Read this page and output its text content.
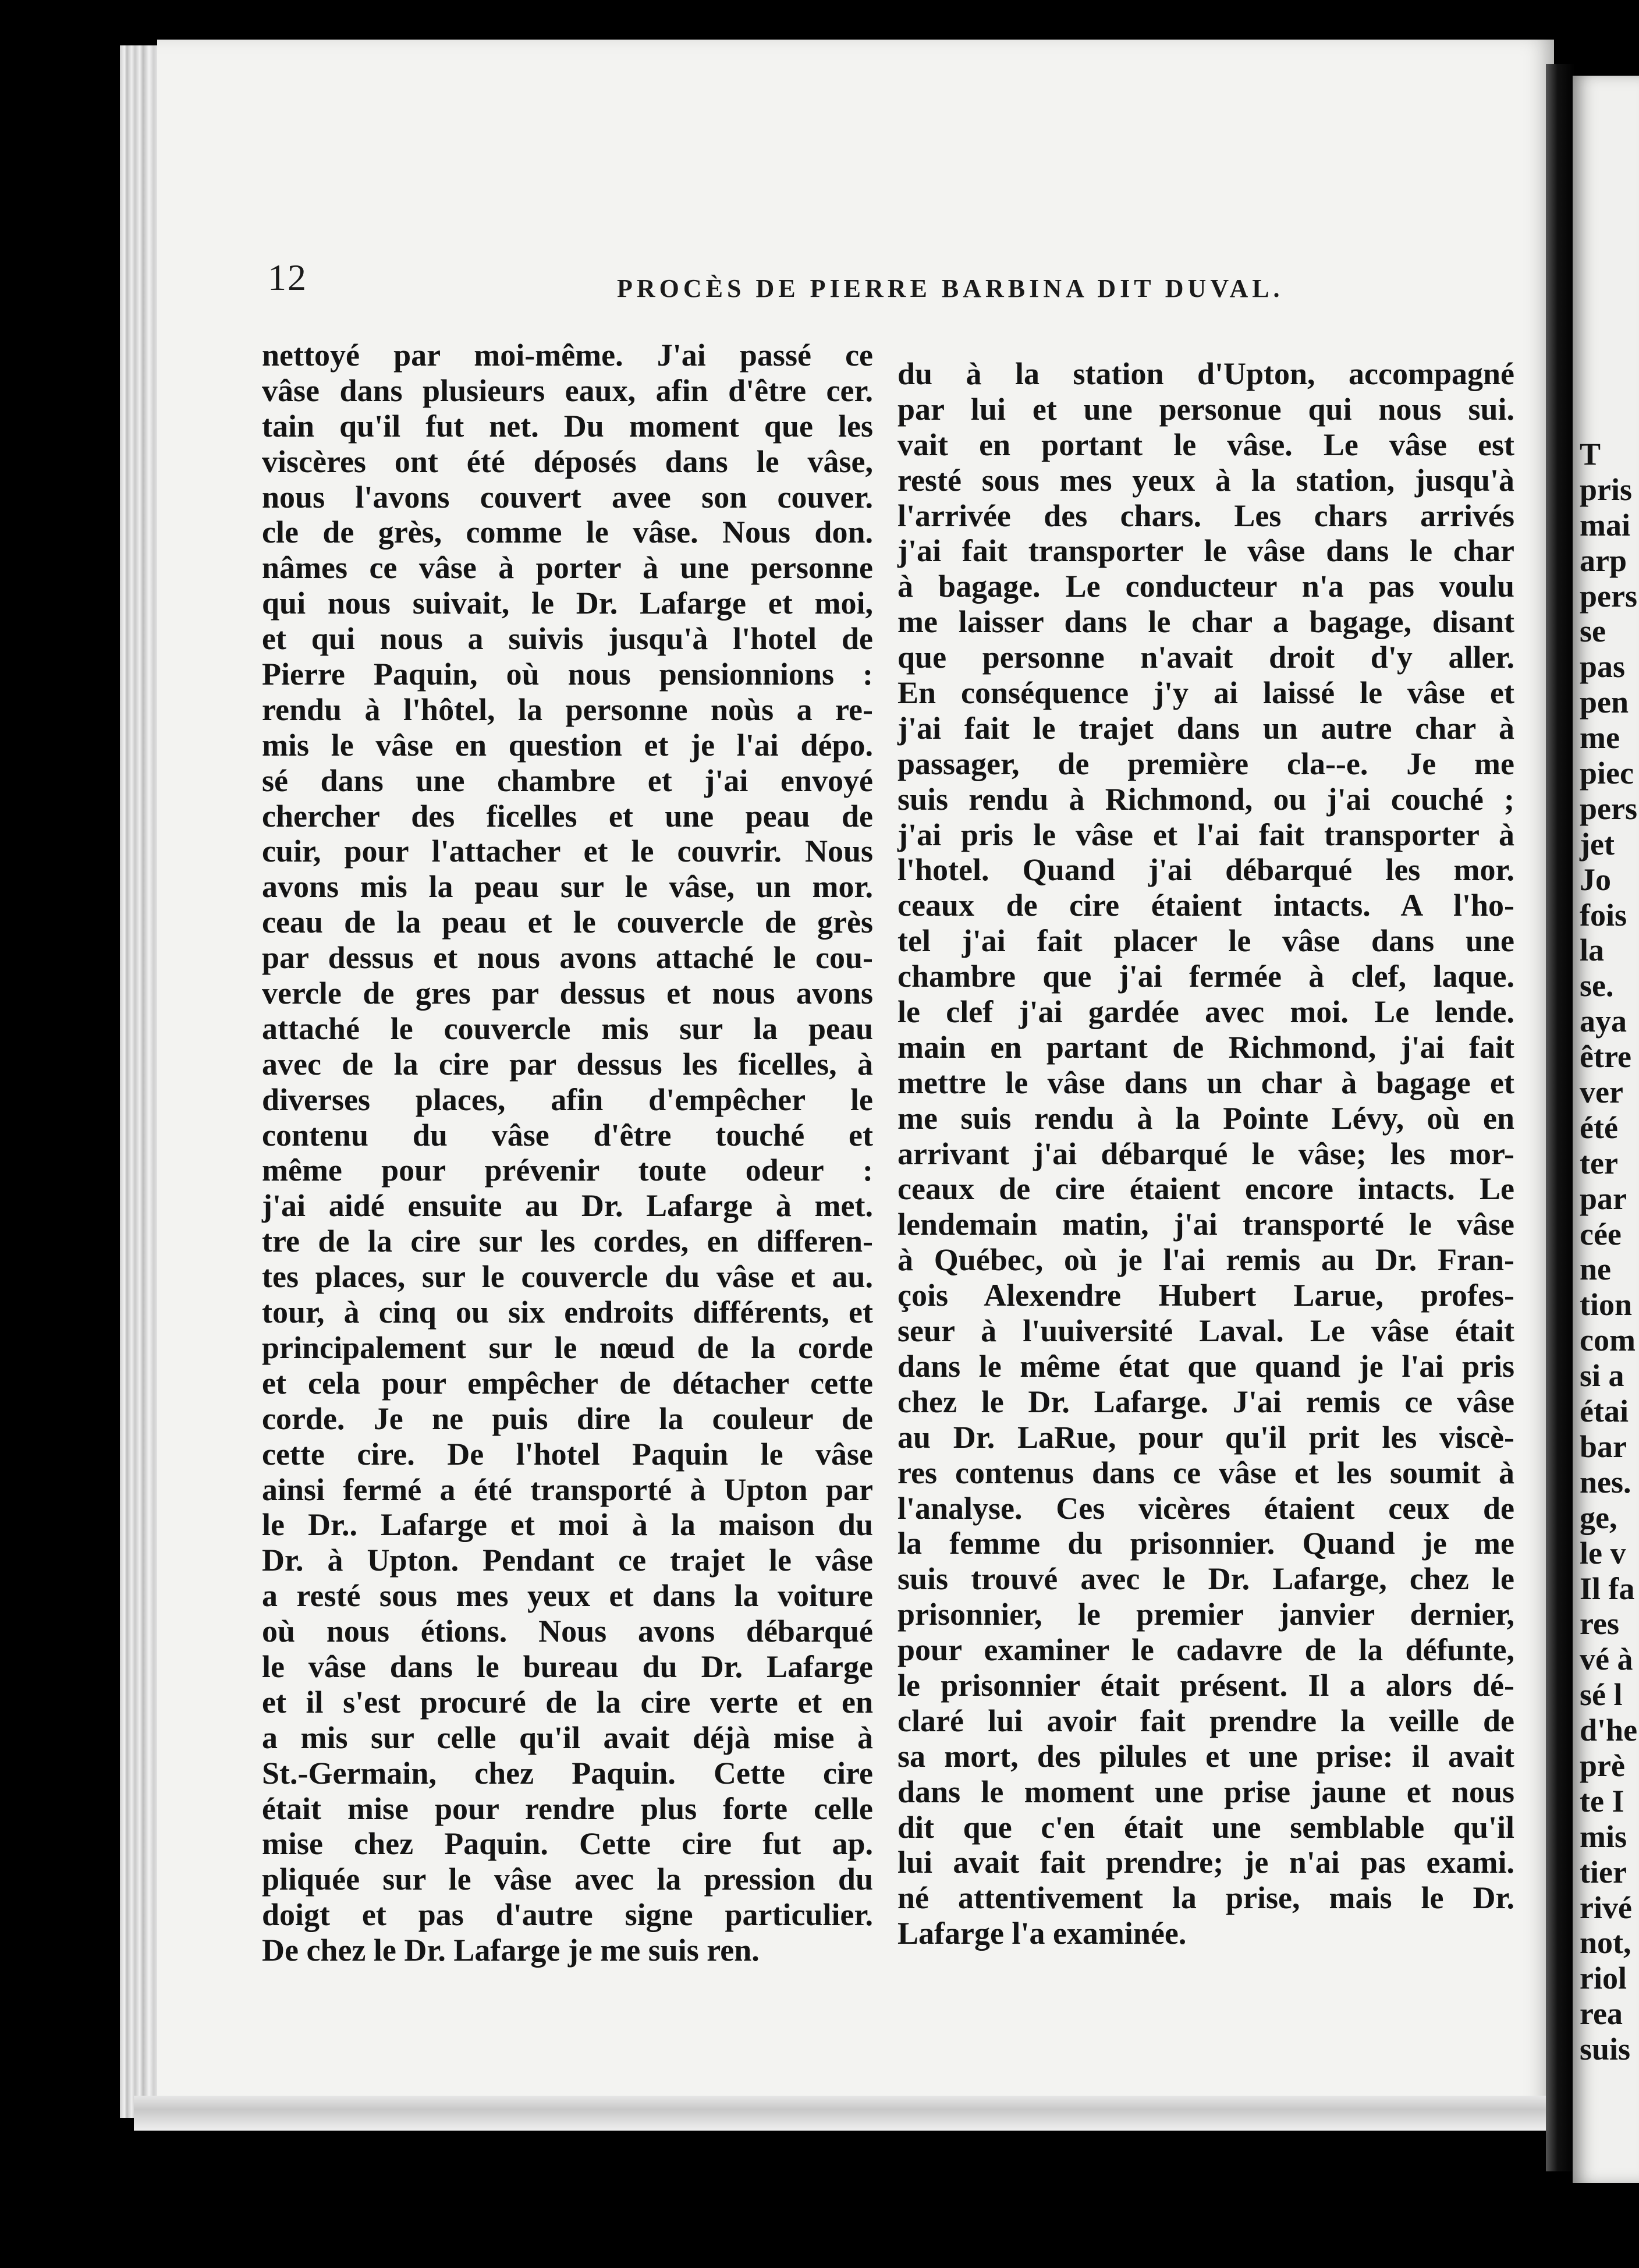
T
pris
mai
arp
pers
se
pas
pen
me
piec
pers
jet
Jo
fois
la
se.
aya
être
ver
été
ter
par
cée
ne
tion
com
si a
étai
bar
nes.
ge,
le v
Il fa
res
vé à
sé l
d'he
prè
te I
mis
tier
rivé
not,
riol
rea
suis
12	PROCÈS DE PIERRE BARBINA DIT DUVAL.
nettoyé par moi-même. J'ai passé ce
vâse dans plusieurs eaux, afin d'être cer.
tain qu'il fut net. Du moment que les
viscères ont été déposés dans le vâse,
nous l'avons couvert avee son couver.
cle de grès, comme le vâse. Nous don.
nâmes ce vâse à porter à une personne
qui nous suivait, le Dr. Lafarge et moi,
et qui nous a suivis jusqu'à l'hotel de
Pierre Paquin, où nous pensionnions :
rendu à l'hôtel, la personne noùs a re-
mis le vâse en question et je l'ai dépo.
sé dans une chambre et j'ai envoyé
chercher des ficelles et une peau de
cuir, pour l'attacher et le couvrir. Nous
avons mis la peau sur le vâse, un mor.
ceau de la peau et le couvercle de grès
par dessus et nous avons attaché le cou-
vercle de gres par dessus et nous avons
attaché le couvercle mis sur la peau
avec de la cire par dessus les ficelles, à
diverses places, afin d'empêcher le
contenu du vâse d'être touché et
même pour prévenir toute odeur :
j'ai aidé ensuite au Dr. Lafarge à met.
tre de la cire sur les cordes, en differen-
tes places, sur le couvercle du vâse et au.
tour, à cinq ou six endroits différents, et
principalement sur le nœud de la corde
et cela pour empêcher de détacher cette
corde. Je ne puis dire la couleur de
cette cire. De l'hotel Paquin le vâse
ainsi fermé a été transporté à Upton par
le Dr.. Lafarge et moi à la maison du
Dr. à Upton. Pendant ce trajet le vâse
a resté sous mes yeux et dans la voiture
où nous étions. Nous avons débarqué
le vâse dans le bureau du Dr. Lafarge
et il s'est procuré de la cire verte et en
a mis sur celle qu'il avait déjà mise à
St.-Germain, chez Paquin. Cette cire
était mise pour rendre plus forte celle
mise chez Paquin. Cette cire fut ap.
pliquée sur le vâse avec la pression du
doigt et pas d'autre signe particulier.
De chez le Dr. Lafarge je me suis ren.
du à la station d'Upton, accompagné
par lui et une personue qui nous sui.
vait en portant le vâse. Le vâse est
resté sous mes yeux à la station, jusqu'à
l'arrivée des chars. Les chars arrivés
j'ai fait transporter le vâse dans le char
à bagage. Le conducteur n'a pas voulu
me laisser dans le char a bagage, disant
que personne n'avait droit d'y aller.
En conséquence j'y ai laissé le vâse et
j'ai fait le trajet dans un autre char à
passager, de première cla--e. Je me
suis rendu à Richmond, ou j'ai couché ;
j'ai pris le vâse et l'ai fait transporter à
l'hotel. Quand j'ai débarqué les mor.
ceaux de cire étaient intacts. A l'ho-
tel j'ai fait placer le vâse dans une
chambre que j'ai fermée à clef, laque.
le clef j'ai gardée avec moi. Le lende.
main en partant de Richmond, j'ai fait
mettre le vâse dans un char à bagage et
me suis rendu à la Pointe Lévy, où en
arrivant j'ai débarqué le vâse; les mor-
ceaux de cire étaient encore intacts. Le
lendemain matin, j'ai transporté le vâse
à Québec, où je l'ai remis au Dr. Fran-
çois Alexendre Hubert Larue, profes-
seur à l'uuiversité Laval. Le vâse était
dans le même état que quand je l'ai pris
chez le Dr. Lafarge. J'ai remis ce vâse
au Dr. LaRue, pour qu'il prit les viscè-
res contenus dans ce vâse et les soumit à
l'analyse. Ces vicères étaient ceux de
la femme du prisonnier. Quand je me
suis trouvé avec le Dr. Lafarge, chez le
prisonnier, le premier janvier dernier,
pour examiner le cadavre de la défunte,
le prisonnier était présent. Il a alors dé-
claré lui avoir fait prendre la veille de
sa mort, des pilules et une prise: il avait
dans le moment une prise jaune et nous
dit que c'en était une semblable qu'il
lui avait fait prendre; je n'ai pas exami.
né attentivement la prise, mais le Dr.
Lafarge l'a examinée.
